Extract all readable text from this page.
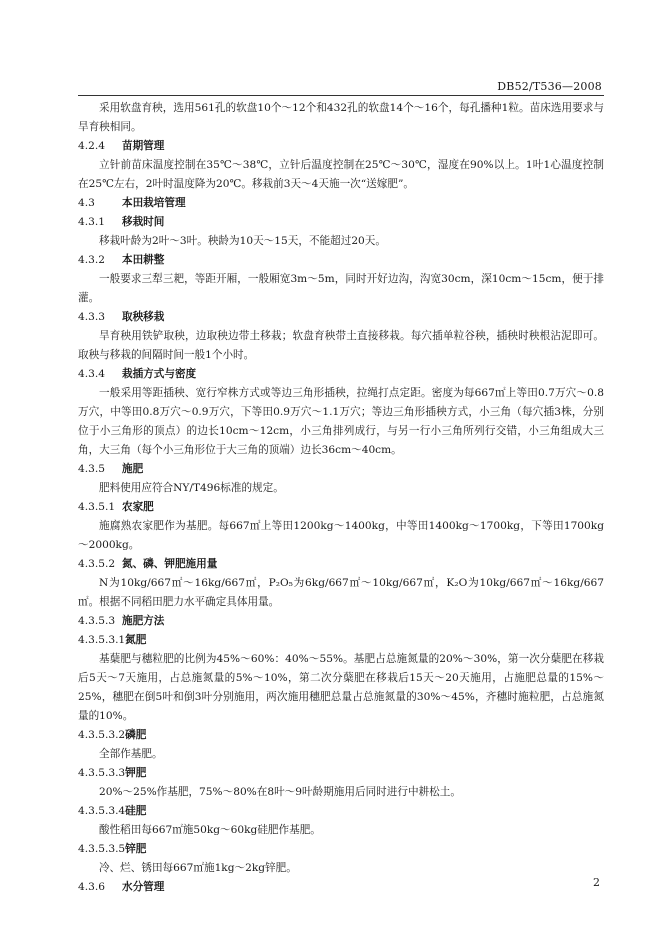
DB52/T536—2008
采用软盘育秧，选用561孔的软盘10个～12个和432孔的软盘14个～16个，每孔播种1粒。苗床选用要求与旱育秧相同。
4.2.4 苗期管理
立针前苗床温度控制在35℃～38℃，立针后温度控制在25℃～30℃，湿度在90%以上。1叶1心温度控制在25℃左右，2叶时温度降为20℃。移栽前3天～4天施一次“送嫁肥”。
4.3	本田栽培管理
4.3.1 移栽时间
移栽叶龄为2叶～3叶。秧龄为10天～15天，不能超过20天。
4.3.2 本田耕整
一般要求三犁三耙，等距开厢，一般厢宽3m～5m，同时开好边沟，沟宽30cm，深10cm～15cm，便于排灌。
4.3.3 取秧移栽
旱育秧用铁铲取秧，边取秧边带土移栽；软盘育秧带土直接移栽。每穴插单粒谷秧，插秧时秧根沾泥即可。取秧与移栽的间隔时间一般1个小时。
4.3.4 栽插方式与密度
一般采用等距插秧、宽行窄株方式或等边三角形插秧，拉绳打点定距。密度为每667㎡上等田0.7万穴～0.8万穴，中等田0.8万穴～0.9万穴，下等田0.9万穴～1.1万穴；等边三角形插秧方式，小三角（每穴插3株，分别位于小三角形的顶点）的边长10cm～12cm，小三角排列成行，与另一行小三角所列行交错，小三角组成大三角，大三角（每个小三角形位于大三角的顶端）边长36cm～40cm。
4.3.5 施肥
肥料使用应符合NY/T496标准的规定。
4.3.5.1 农家肥
施腐熟农家肥作为基肥。每667㎡上等田1200kg～1400kg，中等田1400kg～1700kg，下等田1700kg～2000kg。
4.3.5.2 氮、磷、钾肥施用量
N为10kg/667㎡～16kg/667㎡，P₂O₅为6kg/667㎡～10kg/667㎡，K₂O为10kg/667㎡～16kg/667㎡。根据不同稻田肥力水平确定具体用量。
4.3.5.3 施肥方法
4.3.5.3.1氮肥
基蘖肥与穗粒肥的比例为45%～60%：40%～55%。基肥占总施氮量的20%～30%，第一次分蘖肥在移栽后5天～7天施用，占总施氮量的5%～10%，第二次分蘖肥在移栽后15天～20天施用，占施肥总量的15%～25%，穗肥在倒5叶和倒3叶分别施用，两次施用穗肥总量占总施氮量的30%～45%，齐穗时施粒肥，占总施氮量的10%。
4.3.5.3.2磷肥
全部作基肥。
4.3.5.3.3钾肥
20%～25%作基肥，75%～80%在8叶～9叶龄期施用后同时进行中耕松土。
4.3.5.3.4硅肥
酸性稻田每667㎡施50kg～60kg硅肥作基肥。
4.3.5.3.5锌肥
冷、烂、锈田每667㎡施1kg～2kg锌肥。
4.3.6 水分管理	2
